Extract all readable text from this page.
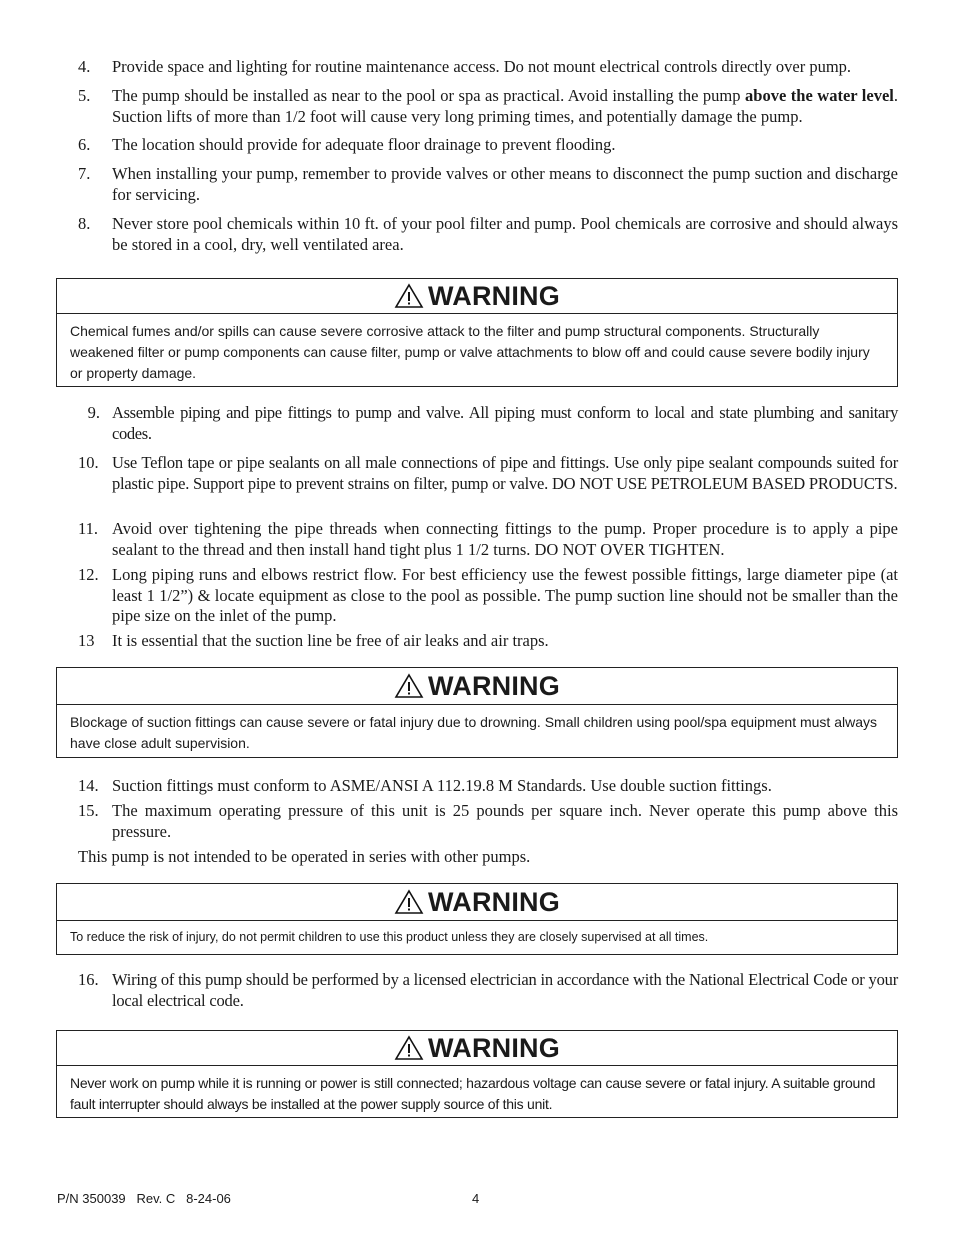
4.	Provide space and lighting for routine maintenance access. Do not mount electrical controls directly over pump.
5.	The pump should be installed as near to the pool or spa as practical. Avoid installing the pump above the water level. Suction lifts of more than 1/2 foot will cause very long priming times, and potentially damage the pump.
6.	The location should provide for adequate floor drainage to prevent flooding.
7.	When installing your pump, remember to provide valves or other means to disconnect the pump suction and discharge for servicing.
8.	Never store pool chemicals within 10 ft. of your pool filter and pump. Pool chemicals are corrosive and should always be stored in a cool, dry, well ventilated area.
WARNING
Chemical fumes and/or spills can cause severe corrosive attack to the filter and pump structural components. Structurally weakened filter or pump components can cause filter, pump or valve attachments to blow off and could cause severe bodily injury or property damage.
9. Assemble piping and pipe fittings to pump and valve. All piping must conform to local and state plumbing and sanitary codes.
10. Use Teflon tape or pipe sealants on all male connections of pipe and fittings. Use only pipe sealant compounds suited for plastic pipe. Support pipe to prevent strains on filter, pump or valve. DO NOT USE PETROLEUM BASED PRODUCTS.
11. Avoid over tightening the pipe threads when connecting fittings to the pump. Proper procedure is to apply a pipe sealant to the thread and then install hand tight plus 1 1/2 turns. DO NOT OVER TIGHTEN.
12. Long piping runs and elbows restrict flow. For best efficiency use the fewest possible fittings, large diameter pipe (at least 1 1/2”) & locate equipment as close to the pool as possible. The pump suction line should not be smaller than the pipe size on the inlet of the pump.
13	It is essential that the suction line be free of air leaks and air traps.
WARNING
Blockage of suction fittings can cause severe or fatal injury due to drowning. Small children using pool/spa equipment must always have close adult supervision.
14. Suction fittings must conform to ASME/ANSI A 112.19.8 M Standards. Use double suction fittings.
15. The maximum operating pressure of this unit is 25 pounds per square inch. Never operate this pump above this pressure.
This pump is not intended to be operated in series with other pumps.
WARNING
To reduce the risk of injury, do not permit children to use this product unless they are closely supervised at all times.
16. Wiring of this pump should be performed by a licensed electrician in accordance with the National Electrical Code or your local electrical code.
WARNING
Never work on pump while it is running or power is still connected; hazardous voltage can cause severe or fatal injury. A suitable ground fault interrupter should always be installed at the power supply source of this unit.
P/N 350039   Rev. C   8-24-06	4
